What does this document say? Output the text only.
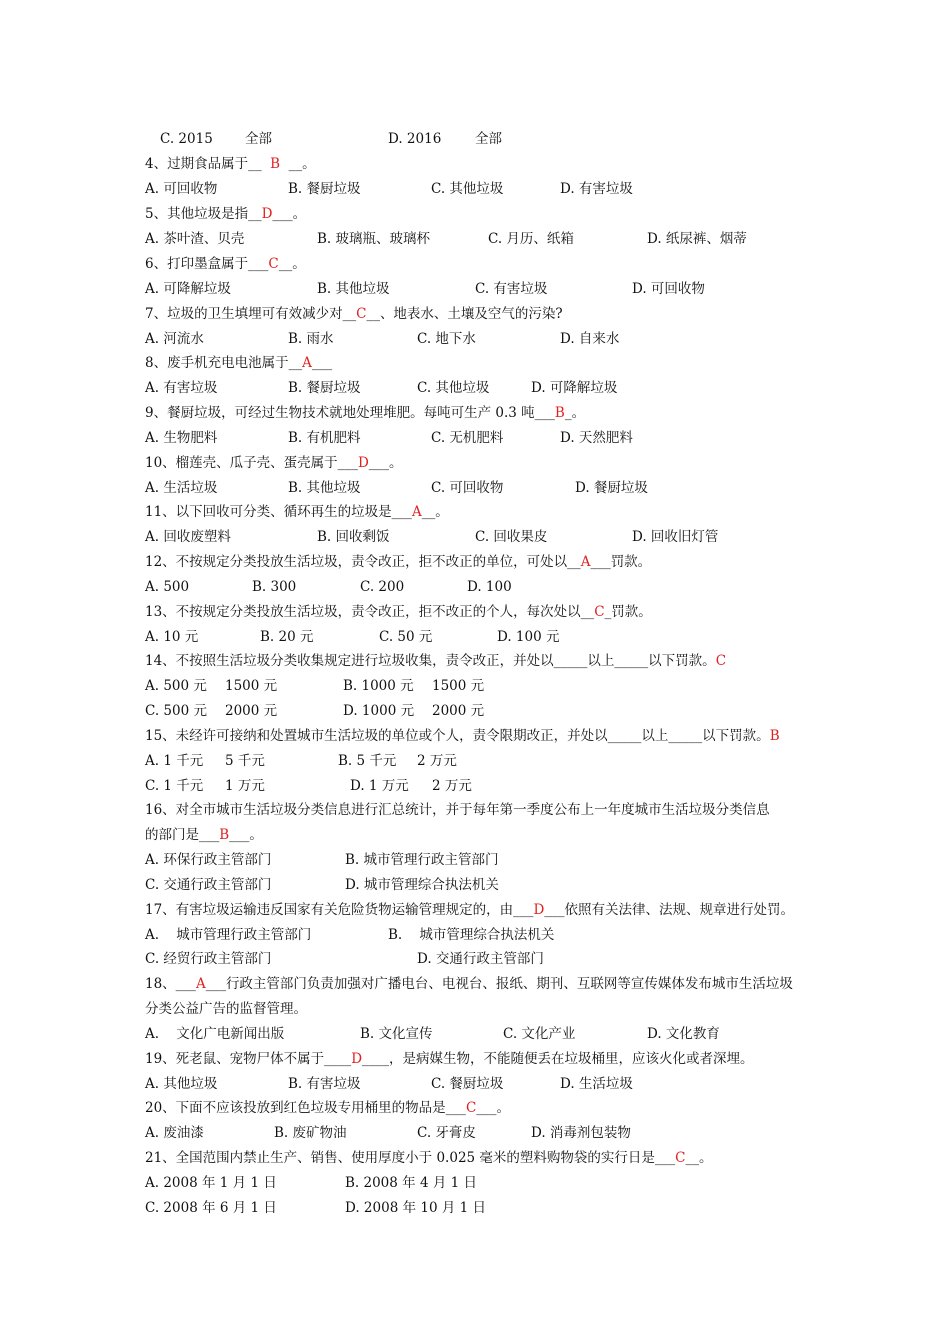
C. 2015 全部	D. 2016 全部
4、过期食品属于__  B  __。
A. 可回收物	B. 餐厨垃圾	C. 其他垃圾	D. 有害垃圾
5、其他垃圾是指__D___。
A. 茶叶渣、贝壳	B. 玻璃瓶、玻璃杯	C. 月历、纸箱	D. 纸尿裤、烟蒂
6、打印墨盒属于___C__。
A. 可降解垃圾	B. 其他垃圾	C. 有害垃圾	D. 可回收物
7、垃圾的卫生填埋可有效减少对__C__、地表水、土壤及空气的污染?
A. 河流水	B. 雨水	C. 地下水	D. 自来水
8、废手机充电电池属于__A___
A. 有害垃圾	B. 餐厨垃圾	C. 其他垃圾	D. 可降解垃圾
9、餐厨垃圾，可经过生物技术就地处理堆肥。每吨可生产 0.3 吨___B_。
A. 生物肥料	B. 有机肥料	C. 无机肥料	D. 天然肥料
10、榴莲壳、瓜子壳、蛋壳属于___D___。
A. 生活垃圾	B. 其他垃圾	C. 可回收物	D. 餐厨垃圾
11、以下回收可分类、循环再生的垃圾是___A__。
A. 回收废塑料	B. 回收剩饭	C. 回收果皮	D. 回收旧灯管
12、不按规定分类投放生活垃圾，责令改正，拒不改正的单位，可处以__A___罚款。
A. 500	B. 300	C. 200	D. 100
13、不按规定分类投放生活垃圾，责令改正，拒不改正的个人，每次处以__C_罚款。
A. 10 元	B. 20 元	C. 50 元	D. 100 元
14、不按照生活垃圾分类收集规定进行垃圾收集，责令改正，并处以_____以上_____以下罚款。C
A. 500 元 1500 元	B. 1000 元 1500 元
C. 500 元 2000 元	D. 1000 元 2000 元
15、未经许可接纳和处置城市生活垃圾的单位或个人，责令限期改正，并处以_____以上_____以下罚款。B
A. 1 千元 5 千元	B. 5 千元 2 万元
C. 1 千元 1 万元	D. 1 万元 2 万元
16、对全市城市生活垃圾分类信息进行汇总统计，并于每年第一季度公布上一年度城市生活垃圾分类信息
的部门是___B___。
A. 环保行政主管部门	B. 城市管理行政主管部门
C. 交通行政主管部门	D. 城市管理综合执法机关
17、有害垃圾运输违反国家有关危险货物运输管理规定的，由___D___依照有关法律、法规、规章进行处罚。
A.    城市管理行政主管部门	B.    城市管理综合执法机关
C. 经贸行政主管部门	D. 交通行政主管部门
18、___A___行政主管部门负责加强对广播电台、电视台、报纸、期刊、互联网等宣传媒体发布城市生活垃圾
分类公益广告的监督管理。
A.    文化广电新闻出版	B. 文化宣传	C. 文化产业	D. 文化教育
19、死老鼠、宠物尸体不属于____D____，是病媒生物，不能随便丢在垃圾桶里，应该火化或者深埋。
A. 其他垃圾	B. 有害垃圾	C. 餐厨垃圾	D. 生活垃圾
20、下面不应该投放到红色垃圾专用桶里的物品是___C___。
A. 废油漆	B. 废矿物油	C. 牙膏皮	D. 消毒剂包装物
21、全国范围内禁止生产、销售、使用厚度小于 0.025 毫米的塑料购物袋的实行日是___C__。
A. 2008 年 1 月 1 日	B. 2008 年 4 月 1 日
C. 2008 年 6 月 1 日	D. 2008 年 10 月 1 日
